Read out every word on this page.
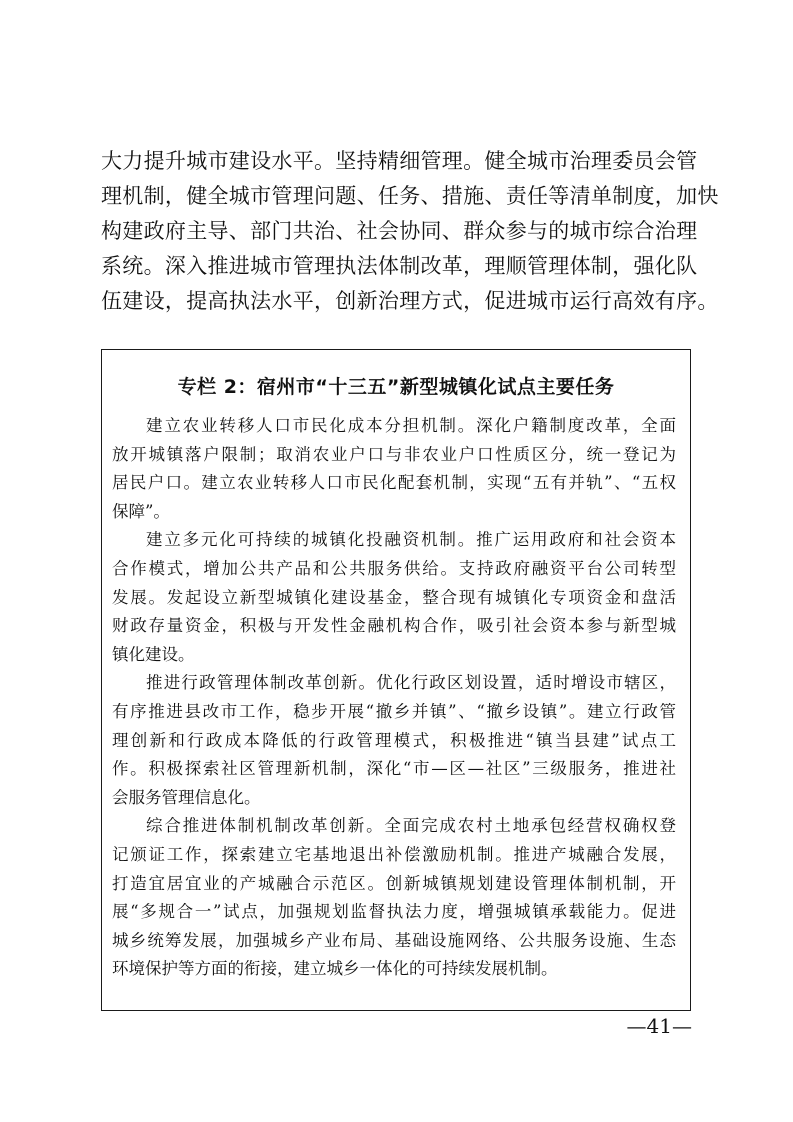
大力提升城市建设水平。坚持精细管理。健全城市治理委员会管
理机制，健全城市管理问题、任务、措施、责任等清单制度，加快
构建政府主导、部门共治、社会协同、群众参与的城市综合治理
系统。深入推进城市管理执法体制改革，理顺管理体制，强化队
伍建设，提高执法水平，创新治理方式，促进城市运行高效有序。
专栏 2：宿州市“十三五”新型城镇化试点主要任务
建立农业转移人口市民化成本分担机制。深化户籍制度改革，全面
放开城镇落户限制；取消农业户口与非农业户口性质区分，统一登记为
居民户口。建立农业转移人口市民化配套机制，实现“五有并轨”、“五权
保障”。
建立多元化可持续的城镇化投融资机制。推广运用政府和社会资本
合作模式，增加公共产品和公共服务供给。支持政府融资平台公司转型
发展。发起设立新型城镇化建设基金，整合现有城镇化专项资金和盘活
财政存量资金，积极与开发性金融机构合作，吸引社会资本参与新型城
镇化建设。
推进行政管理体制改革创新。优化行政区划设置，适时增设市辖区，
有序推进县改市工作，稳步开展“撤乡并镇”、“撤乡设镇”。建立行政管
理创新和行政成本降低的行政管理模式，积极推进“镇当县建”试点工
作。积极探索社区管理新机制，深化“市—区—社区”三级服务，推进社
会服务管理信息化。
综合推进体制机制改革创新。全面完成农村土地承包经营权确权登
记颁证工作，探索建立宅基地退出补偿激励机制。推进产城融合发展，
打造宜居宜业的产城融合示范区。创新城镇规划建设管理体制机制，开
展“多规合一”试点，加强规划监督执法力度，增强城镇承载能力。促进
城乡统筹发展，加强城乡产业布局、基础设施网络、公共服务设施、生态
环境保护等方面的衔接，建立城乡一体化的可持续发展机制。
—41—
